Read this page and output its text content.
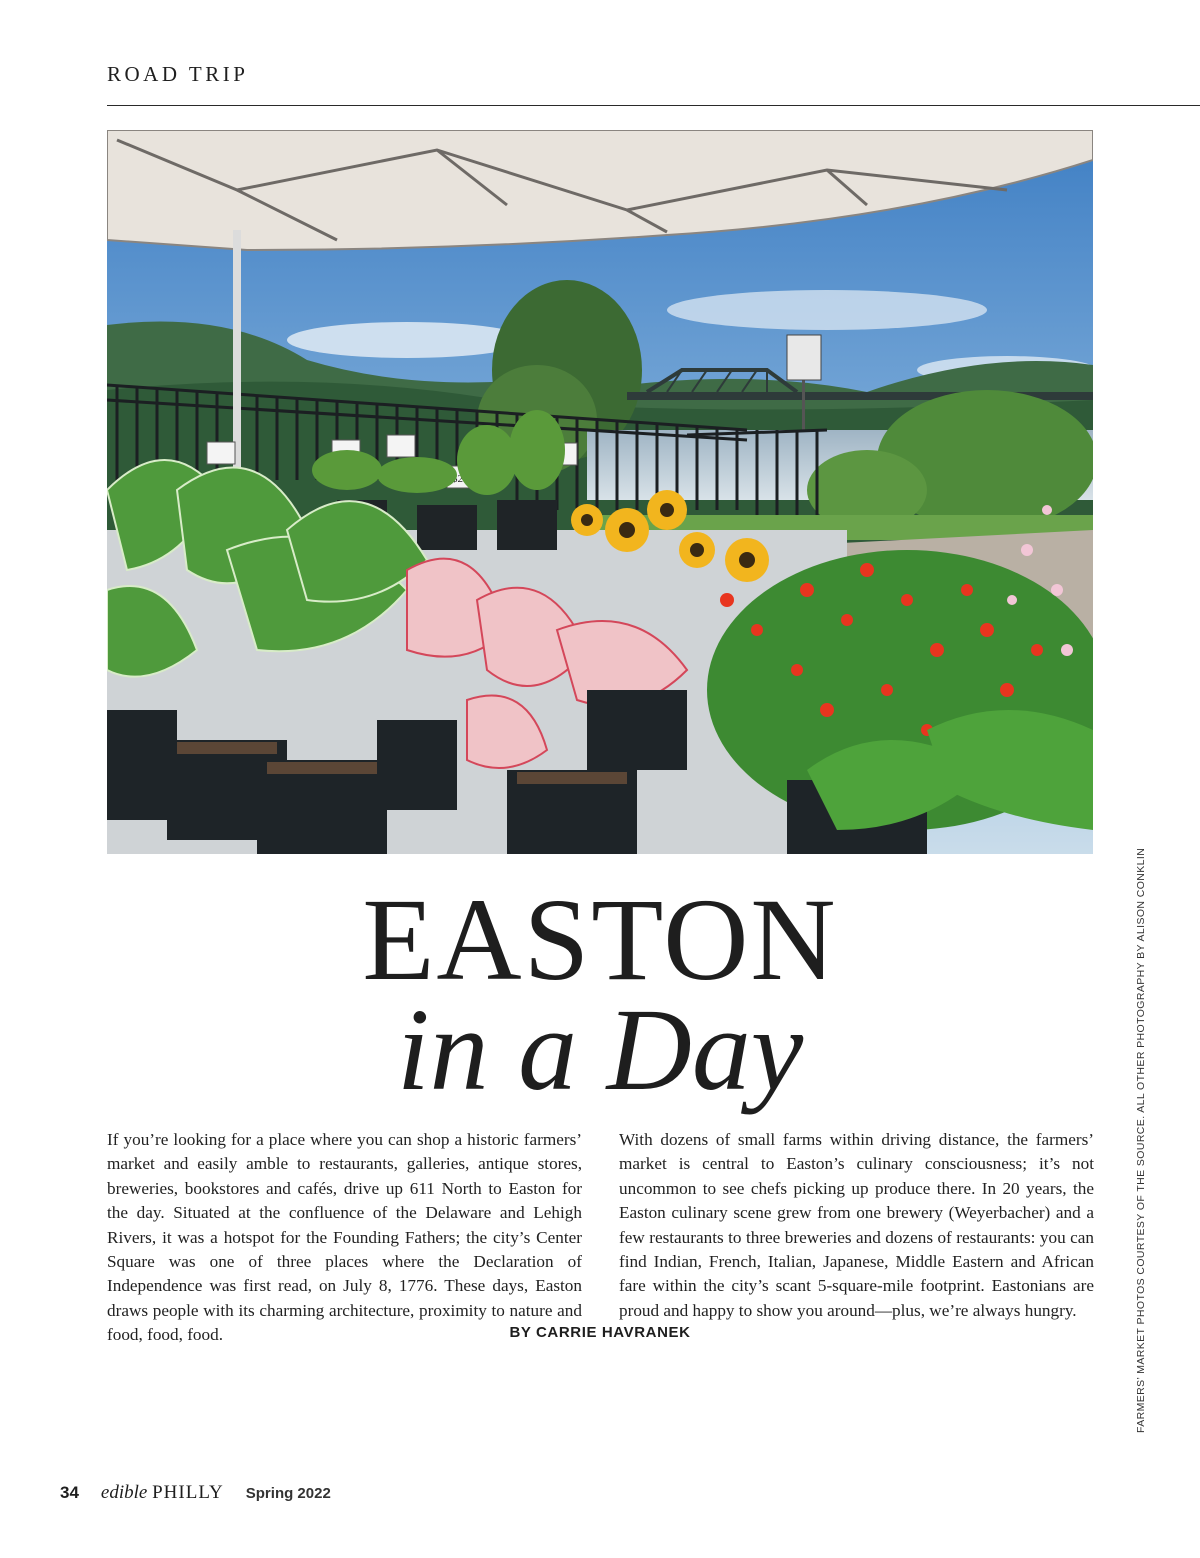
ROAD TRIP
EASTON
in a Day
If you’re looking for a place where you can shop a historic farmers’ market and easily amble to restaurants, galleries, antique stores, breweries, bookstores and cafés, drive up 611 North to Easton for the day. Situated at the confluence of the Delaware and Lehigh Rivers, it was a hotspot for the Founding Fathers; the city’s Center Square was one of three places where the Declaration of Independence was first read, on July 8, 1776. These days, Easton draws people with its charming architecture, proximity to nature and food, food, food.
With dozens of small farms within driving distance, the farmers’ market is central to Easton’s culinary consciousness; it’s not uncommon to see chefs picking up produce there. In 20 years, the Easton culinary scene grew from one brewery (Weyerbacher) and a few restaurants to three breweries and dozens of restaurants: you can find Indian, French, Italian, Japanese, Middle Eastern and African fare within the city’s scant 5-square-mile footprint. Eastonians are proud and happy to show you around—plus, we’re always hungry.
BY CARRIE HAVRANEK	FARMERS’ MARKET PHOTOS COURTESY OF THE SOURCE. ALL OTHER PHOTOGRAPHY BY ALISON CONKLIN
34 edible PHILLY Spring 2022
